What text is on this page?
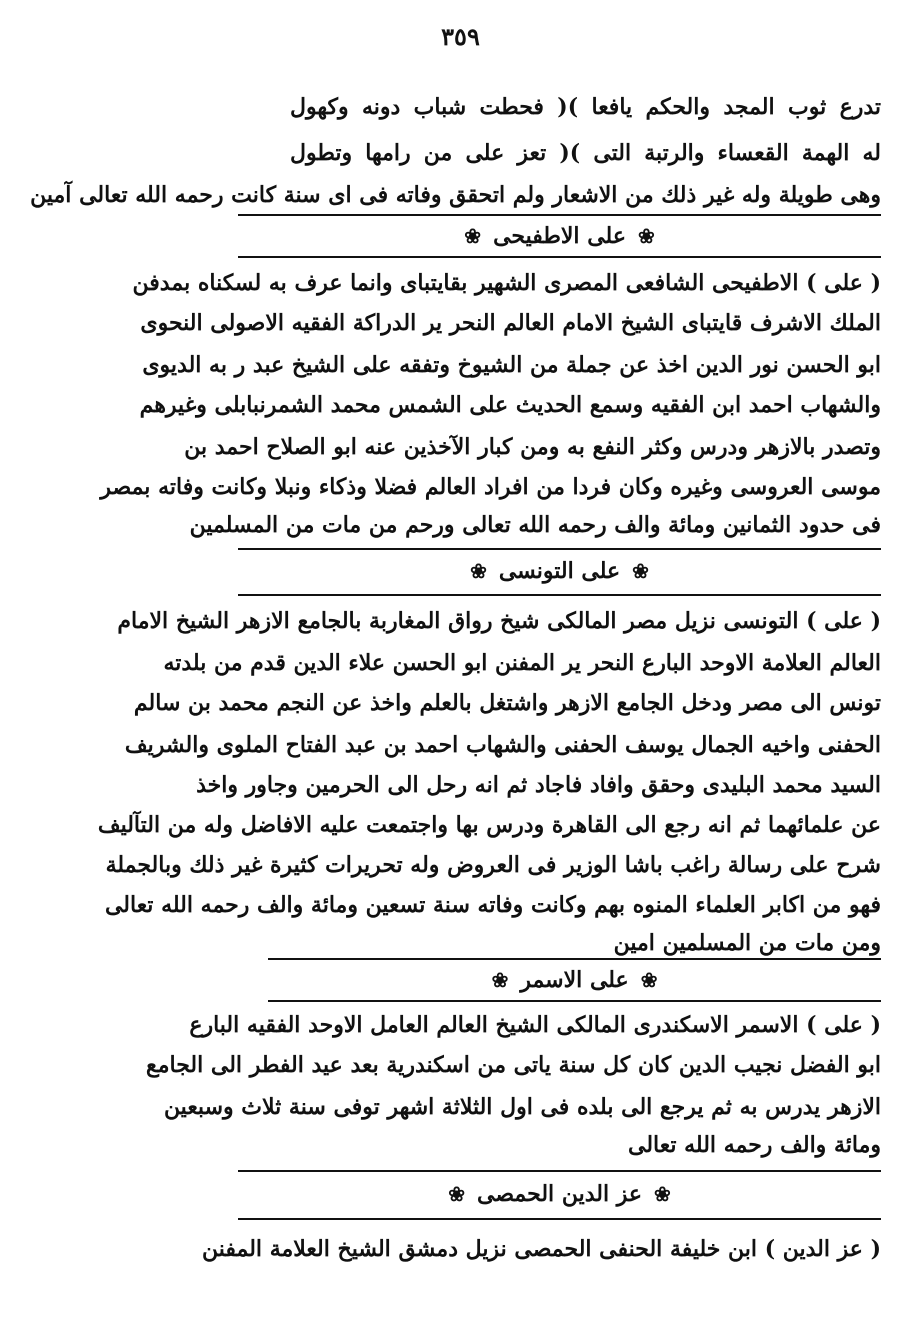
٣٥٩
تدرع ثوب المجد والحكم يافعا )( فحطت شباب دونه وكهول
له الهمة القعساء والرتبة التى )( تعز على من رامها وتطول
وهى طويلة وله غير ذلك من الاشعار ولم اتحقق وفاته فى اى سنة كانت رحمه الله تعالى آمين
❀
على الاطفيحى
❀
( على ) الاطفيحى الشافعى المصرى الشهير بقايتباى وانما عرف به لسكناه بمدفن
الملك الاشرف قايتباى الشيخ الامام العالم النحر ير الدراكة الفقيه الاصولى النحوى
ابو الحسن نور الدين اخذ عن جملة من الشيوخ وتفقه على الشيخ عبد ر به الديوى
والشهاب احمد ابن الفقيه وسمع الحديث على الشمس محمد الشمرنبابلى وغيرهم
وتصدر بالازهر ودرس وكثر النفع به ومن كبار الآخذين عنه ابو الصلاح احمد بن
موسى العروسى وغيره وكان فردا من افراد العالم فضلا وذكاء ونبلا وكانت وفاته بمصر
فى حدود الثمانين ومائة والف رحمه الله تعالى ورحم من مات من المسلمين
❀
على التونسى
❀
( على ) التونسى نزيل مصر المالكى شيخ رواق المغاربة بالجامع الازهر الشيخ الامام
العالم العلامة الاوحد البارع النحر ير المفنن ابو الحسن علاء الدين قدم من بلدته
تونس الى مصر ودخل الجامع الازهر واشتغل بالعلم واخذ عن النجم محمد بن سالم
الحفنى واخيه الجمال يوسف الحفنى والشهاب احمد بن عبد الفتاح الملوى والشريف
السيد محمد البليدى وحقق وافاد فاجاد ثم انه رحل الى الحرمين وجاور واخذ
عن علمائهما ثم انه رجع الى القاهرة ودرس بها واجتمعت عليه الافاضل وله من التآليف
شرح على رسالة راغب باشا الوزير فى العروض وله تحريرات كثيرة غير ذلك وبالجملة
فهو من اكابر العلماء المنوه بهم وكانت وفاته سنة تسعين ومائة والف رحمه الله تعالى
ومن مات من المسلمين امين
❀
على الاسمر
❀
( على ) الاسمر الاسكندرى المالكى الشيخ العالم العامل الاوحد الفقيه البارع
ابو الفضل نجيب الدين كان كل سنة ياتى من اسكندرية بعد عيد الفطر الى الجامع
الازهر يدرس به ثم يرجع الى بلده فى اول الثلاثة اشهر توفى سنة ثلاث وسبعين
ومائة والف رحمه الله تعالى
❀
عز الدين الحمصى
❀
( عز الدين ) ابن خليفة الحنفى الحمصى نزيل دمشق الشيخ العلامة المفنن
